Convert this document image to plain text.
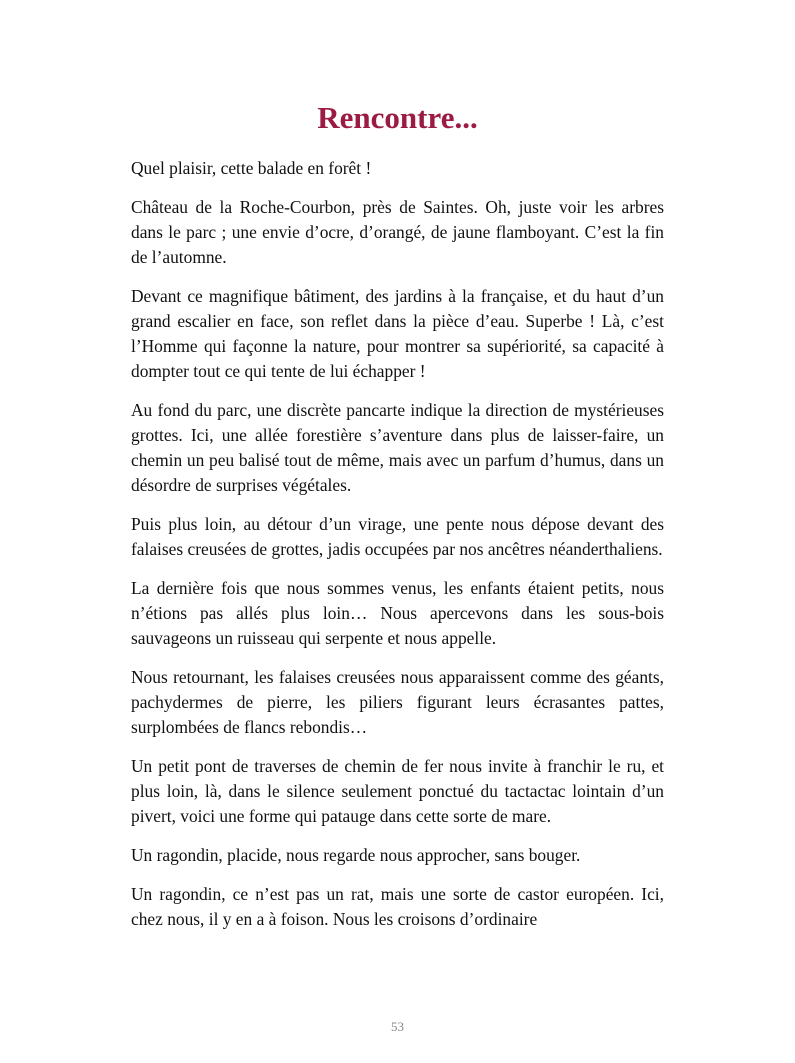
Rencontre...

Quel plaisir, cette balade en forêt !

Château de la Roche-Courbon, près de Saintes. Oh, juste voir les arbres dans le parc ; une envie d’ocre, d’orangé, de jaune flamboyant. C’est la fin de l’automne.

Devant ce magnifique bâtiment, des jardins à la française, et du haut d’un grand escalier en face, son reflet dans la pièce d’eau. Superbe ! Là, c’est l’Homme qui façonne la nature, pour montrer sa supériorité, sa capacité à dompter tout ce qui tente de lui échapper !

Au fond du parc, une discrète pancarte indique la direction de mystérieuses grottes. Ici, une allée forestière s’aventure dans plus de laisser-faire, un chemin un peu balisé tout de même, mais avec un parfum d’humus, dans un désordre de surprises végétales.

Puis plus loin, au détour d’un virage, une pente nous dépose devant des falaises creusées de grottes, jadis occupées par nos ancêtres néanderthaliens.

La dernière fois que nous sommes venus, les enfants étaient petits, nous n’étions pas allés plus loin… Nous apercevons dans les sous-bois sauvageons un ruisseau qui serpente et nous appelle.

Nous retournant, les falaises creusées nous apparaissent comme des géants, pachydermes de pierre, les piliers figurant leurs écrasantes pattes, surplombées de flancs rebondis…

Un petit pont de traverses de chemin de fer nous invite à franchir le ru, et plus loin, là, dans le silence seulement ponctué du tactactac lointain d’un pivert, voici une forme qui patauge dans cette sorte de mare.

Un ragondin, placide, nous regarde nous approcher, sans bouger.

Un ragondin, ce n’est pas un rat, mais une sorte de castor européen. Ici, chez nous, il y en a à foison. Nous les croisons d’ordinaire

53
